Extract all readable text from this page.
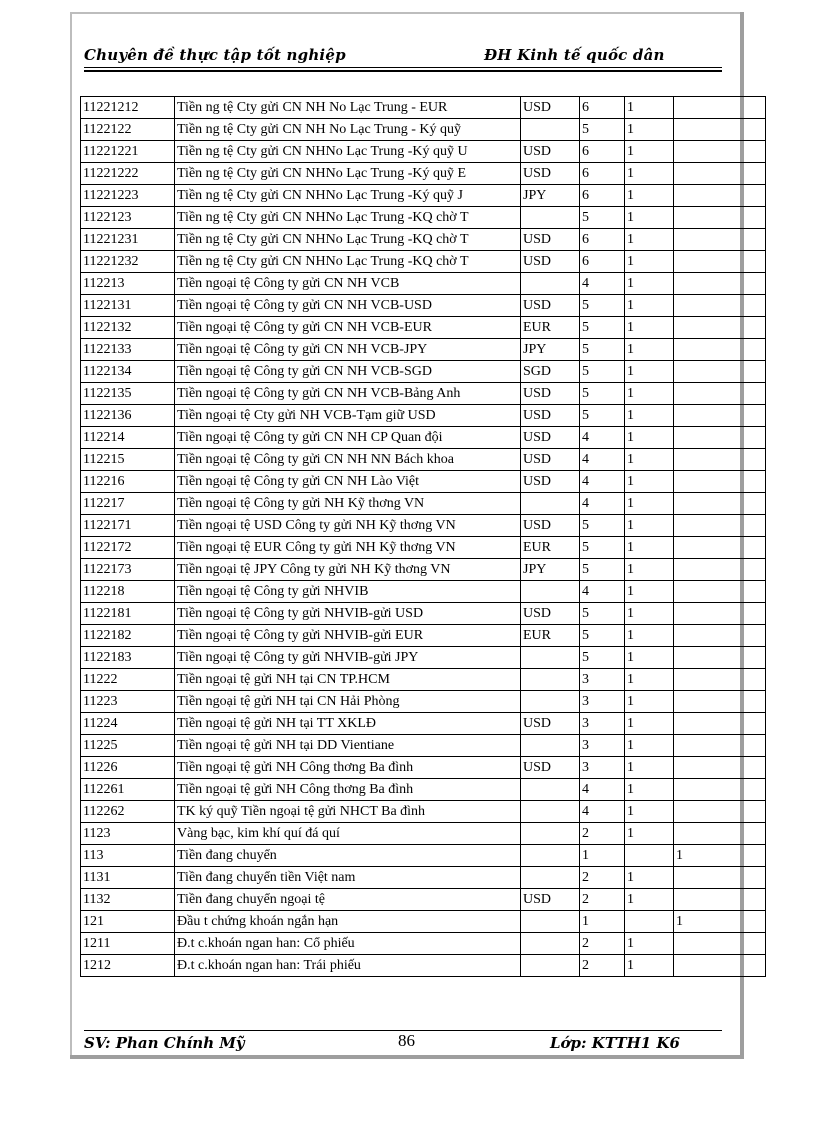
Chuyên đề thực tập tốt nghiệp	ĐH Kinh tế quốc dân
11221212	Tiền ng tệ Cty gửi CN NH No Lạc Trung - EUR	USD	6	1	
1122122	Tiền ng tệ Cty gửi CN NH No Lạc Trung - Ký quỹ		5	1	
11221221	Tiền ng tệ Cty gửi CN NHNo Lạc Trung -Ký quỹ U	USD	6	1	
11221222	Tiền ng tệ Cty gửi CN NHNo Lạc Trung -Ký quỹ E	USD	6	1	
11221223	Tiền ng tệ Cty gửi CN NHNo Lạc Trung -Ký quỹ J	JPY	6	1	
1122123	Tiền ng tệ Cty gửi CN NHNo Lạc Trung -KQ chờ T		5	1	
11221231	Tiền ng tệ Cty gửi CN NHNo Lạc Trung -KQ chờ T	USD	6	1	
11221232	Tiền ng tệ Cty gửi CN NHNo Lạc Trung -KQ chờ T	USD	6	1	
112213	Tiền ngoại tệ Công ty gửi CN NH VCB		4	1	
1122131	Tiền ngoại tệ Công ty gửi CN NH VCB-USD	USD	5	1	
1122132	Tiền ngoại tệ Công ty gửi CN NH VCB-EUR	EUR	5	1	
1122133	Tiền ngoại tệ Công ty gửi CN NH VCB-JPY	JPY	5	1	
1122134	Tiền ngoại tệ Công ty gửi CN NH VCB-SGD	SGD	5	1	
1122135	Tiền ngoại tệ Công ty gửi CN NH VCB-Bảng Anh	USD	5	1	
1122136	Tiền ngoại tệ Cty gửi NH VCB-Tạm giữ USD	USD	5	1	
112214	Tiền ngoại tệ Công ty gửi CN NH CP Quan đội	USD	4	1	
112215	Tiền ngoại tệ Công ty gửi CN NH NN Bách khoa	USD	4	1	
112216	Tiền ngoại tệ Công ty gửi CN NH Lào Việt	USD	4	1	
112217	Tiền ngoại tệ Công ty gửi NH Kỹ thơng VN		4	1	
1122171	Tiền ngoại tệ USD Công ty gửi NH Kỹ thơng VN	USD	5	1	
1122172	Tiền ngoại tệ EUR Công ty gửi NH Kỹ thơng VN	EUR	5	1	
1122173	Tiền ngoại tệ JPY Công ty gửi NH Kỹ thơng VN	JPY	5	1	
112218	Tiền ngoại tệ Công ty gửi NHVIB		4	1	
1122181	Tiền ngoại tệ Công ty gửi NHVIB-gửi USD	USD	5	1	
1122182	Tiền ngoại tệ Công ty gửi NHVIB-gửi EUR	EUR	5	1	
1122183	Tiền ngoại tệ Công ty gửi NHVIB-gửi JPY		5	1	
11222	Tiền ngoại tệ gửi NH tại CN TP.HCM		3	1	
11223	Tiền ngoại tệ gửi NH tại CN Hải Phòng		3	1	
11224	Tiền ngoại tệ gửi NH tại TT XKLĐ	USD	3	1	
11225	Tiền ngoại tệ gửi NH tại DD Vientiane		3	1	
11226	Tiền ngoại tệ gửi NH Công thơng Ba đình	USD	3	1	
112261	Tiền ngoại tệ gửi NH Công thơng Ba đình		4	1	
112262	TK ký quỹ Tiền ngoại tệ gửi NHCT Ba đình		4	1	
1123	Vàng bạc, kim khí quí đá quí		2	1	
113	Tiền đang chuyển		1		1
1131	Tiền đang chuyển tiền Việt nam		2	1	
1132	Tiền đang chuyển ngoại tệ	USD	2	1	
121	Đầu t chứng khoán ngắn hạn		1		1
1211	Đ.t c.khoán ngan han: Cổ phiếu		2	1	
1212	Đ.t c.khoán ngan han: Trái phiếu		2	1	
SV: Phan Chính Mỹ	86	Lớp: KTTH1 K6
